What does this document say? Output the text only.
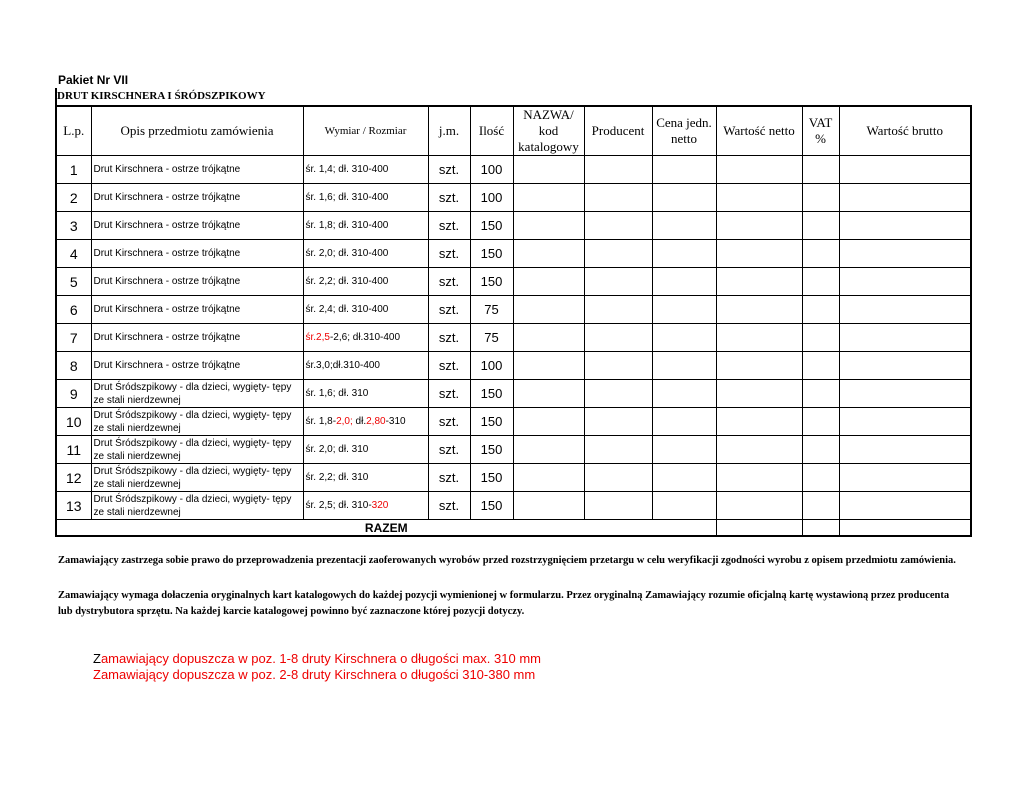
Pakiet Nr VII
DRUT KIRSCHNERA I ŚRÓDSZPIKOWY
L.p.	Opis przedmiotu zamówienia	Wymiar / Rozmiar	j.m.	Ilość	NAZWA/ kod katalogowy	Producent	Cena jedn. netto	Wartość netto	VAT %	Wartość brutto
1	Drut Kirschnera - ostrze trójkątne	śr. 1,4; dł. 310-400	szt.	100						
2	Drut Kirschnera - ostrze trójkątne	śr. 1,6; dł. 310-400	szt.	100						
3	Drut Kirschnera - ostrze trójkątne	śr. 1,8; dł. 310-400	szt.	150						
4	Drut Kirschnera - ostrze trójkątne	śr. 2,0; dł. 310-400	szt.	150						
5	Drut Kirschnera - ostrze trójkątne	śr. 2,2; dł. 310-400	szt.	150						
6	Drut Kirschnera - ostrze trójkątne	śr. 2,4; dł. 310-400	szt.	75						
7	Drut Kirschnera - ostrze trójkątne	śr.2,5-2,6; dł.310-400	szt.	75						
8	Drut Kirschnera - ostrze trójkątne	śr.3,0;dł.310-400	szt.	100						
9	Drut Śródszpikowy - dla dzieci, wygięty- tępy ze stali nierdzewnej	śr. 1,6; dł. 310	szt.	150						
10	Drut Śródszpikowy - dla dzieci, wygięty- tępy ze stali nierdzewnej	śr. 1,8-2,0; dł.2,80-310	szt.	150						
11	Drut Śródszpikowy - dla dzieci, wygięty- tępy ze stali nierdzewnej	śr. 2,0; dł. 310	szt.	150						
12	Drut Śródszpikowy - dla dzieci, wygięty- tępy ze stali nierdzewnej	śr. 2,2; dł. 310	szt.	150						
13	Drut Śródszpikowy - dla dzieci, wygięty- tępy ze stali nierdzewnej	śr. 2,5; dł. 310-320	szt.	150						
RAZEM										
Zamawiający zastrzega sobie prawo do przeprowadzenia prezentacji zaoferowanych wyrobów przed rozstrzygnięciem przetargu w celu weryfikacji zgodności wyrobu z opisem przedmiotu zamówienia.
Zamawiający wymaga dołaczenia oryginalnych kart katalogowych do każdej pozycji wymienionej w formularzu. Przez oryginalną Zamawiający rozumie oficjalną kartę wystawioną przez producenta lub dystrybutora sprzętu. Na każdej karcie katalogowej powinno być zaznaczone której pozycji dotyczy.
Zamawiający dopuszcza w poz. 1-8 druty Kirschnera o długości max. 310 mm
Zamawiający dopuszcza w poz. 2-8 druty Kirschnera o długości 310-380 mm
